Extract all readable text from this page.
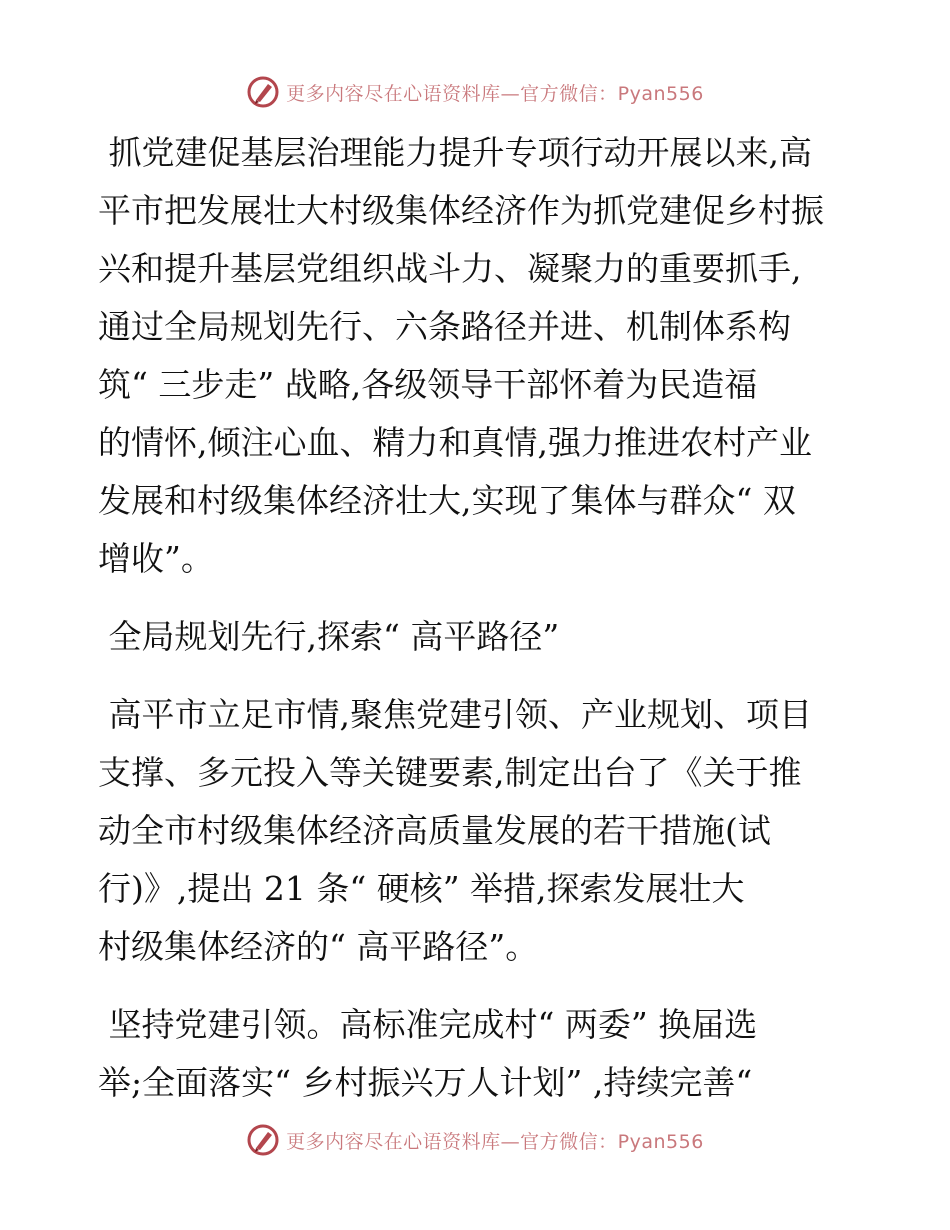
更多内容尽在心语资料库—官方微信：Pyan556

抓党建促基层治理能力提升专项行动开展以来,高
平市把发展壮大村级集体经济作为抓党建促乡村振
兴和提升基层党组织战斗力、凝聚力的重要抓手,
通过全局规划先行、六条路径并进、机制体系构
筑“ 三步走” 战略,各级领导干部怀着为民造福
的情怀,倾注心血、精力和真情,强力推进农村产业
发展和村级集体经济壮大,实现了集体与群众“ 双
增收”。

全局规划先行,探索“ 高平路径”

高平市立足市情,聚焦党建引领、产业规划、项目
支撑、多元投入等关键要素,制定出台了《关于推
动全市村级集体经济高质量发展的若干措施(试
行)》,提出 21 条“ 硬核” 举措,探索发展壮大
村级集体经济的“ 高平路径”。

坚持党建引领。高标准完成村“ 两委” 换届选
举;全面落实“ 乡村振兴万人计划” ,持续完善“

更多内容尽在心语资料库—官方微信：Pyan556
